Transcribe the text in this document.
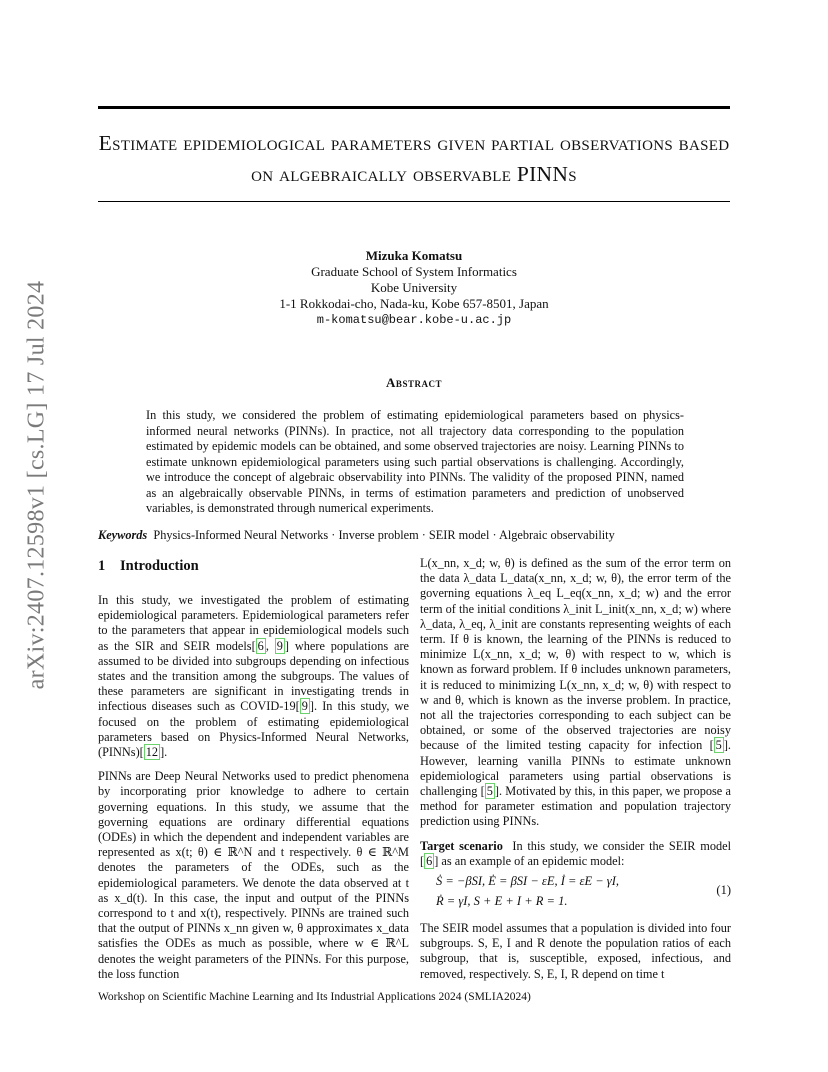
Estimate epidemiological parameters given partial observations based on algebraically observable PINNs
arXiv:2407.12598v1 [cs.LG] 17 Jul 2024
Mizuka Komatsu
Graduate School of System Informatics
Kobe University
1-1 Rokkodai-cho, Nada-ku, Kobe 657-8501, Japan
m-komatsu@bear.kobe-u.ac.jp
Abstract
In this study, we considered the problem of estimating epidemiological parameters based on physics-informed neural networks (PINNs). In practice, not all trajectory data corresponding to the population estimated by epidemic models can be obtained, and some observed trajectories are noisy. Learning PINNs to estimate unknown epidemiological parameters using such partial observations is challenging. Accordingly, we introduce the concept of algebraic observability into PINNs. The validity of the proposed PINN, named as an algebraically observable PINNs, in terms of estimation parameters and prediction of unobserved variables, is demonstrated through numerical experiments.
Keywords Physics-Informed Neural Networks · Inverse problem · SEIR model · Algebraic observability
1 Introduction

In this study, we investigated the problem of estimating epidemiological parameters. Epidemiological parameters refer to the parameters that appear in epidemiological models such as the SIR and SEIR models[ 6 , 9 ] where populations are assumed to be divided into subgroups depending on infectious states and the transition among the subgroups. The values of these parameters are significant in investigating trends in infectious diseases such as COVID-19[ 9 ]. In this study, we focused on the problem of estimating epidemiological parameters based on Physics-Informed Neural Networks, (PINNs)[ 12 ].

PINNs are Deep Neural Networks used to predict phenomena by incorporating prior knowledge to adhere to certain governing equations. In this study, we assume that the governing equations are ordinary differential equations (ODEs) in which the dependent and independent variables are represented as x(t; θ) ∈ ℝ^N and t respectively. θ ∈ ℝ^M denotes the parameters of the ODEs, such as the epidemiological parameters. We denote the data observed at t as x_d(t). In this case, the input and output of the PINNs correspond to t and x(t), respectively. PINNs are trained such that the output of PINNs x_nn given w, θ approximates x_data satisfies the ODEs as much as possible, where w ∈ ℝ^L denotes the weight parameters of the PINNs. For this purpose, the loss function

L(x_nn, x_d; w, θ) is defined as the sum of the error term on the data λ_data L_data(x_nn, x_d; w, θ), the error term of the governing equations λ_eq L_eq(x_nn, x_d; w) and the error term of the initial conditions λ_init L_init(x_nn, x_d; w) where λ_data, λ_eq, λ_init are constants representing weights of each term. If θ is known, the learning of the PINNs is reduced to minimize L(x_nn, x_d; w, θ) with respect to w, which is known as forward problem. If θ includes unknown parameters, it is reduced to minimizing L(x_nn, x_d; w, θ) with respect to w and θ, which is known as the inverse problem. In practice, not all the trajectories corresponding to each subject can be obtained, or some of the observed trajectories are noisy because of the limited testing capacity for infection [ 5 ]. However, learning vanilla PINNs to estimate unknown epidemiological parameters using partial observations is challenging [ 5 ]. Motivated by this, in this paper, we propose a method for parameter estimation and population trajectory prediction using PINNs.

Target scenario In this study, we consider the SEIR model [ 6 ] as an example of an epidemic model:

Ṡ = −βSI, Ė = βSI − εE, İ = εE − γI,
Ṙ = γI, S + E + I + R = 1.
(1)

The SEIR model assumes that a population is divided into four subgroups. S, E, I and R denote the population ratios of each subgroup, that is, susceptible, exposed, infectious, and removed, respectively. S, E, I, R depend on time t

Workshop on Scientific Machine Learning and Its Industrial Applications 2024 (SMLIA2024)
